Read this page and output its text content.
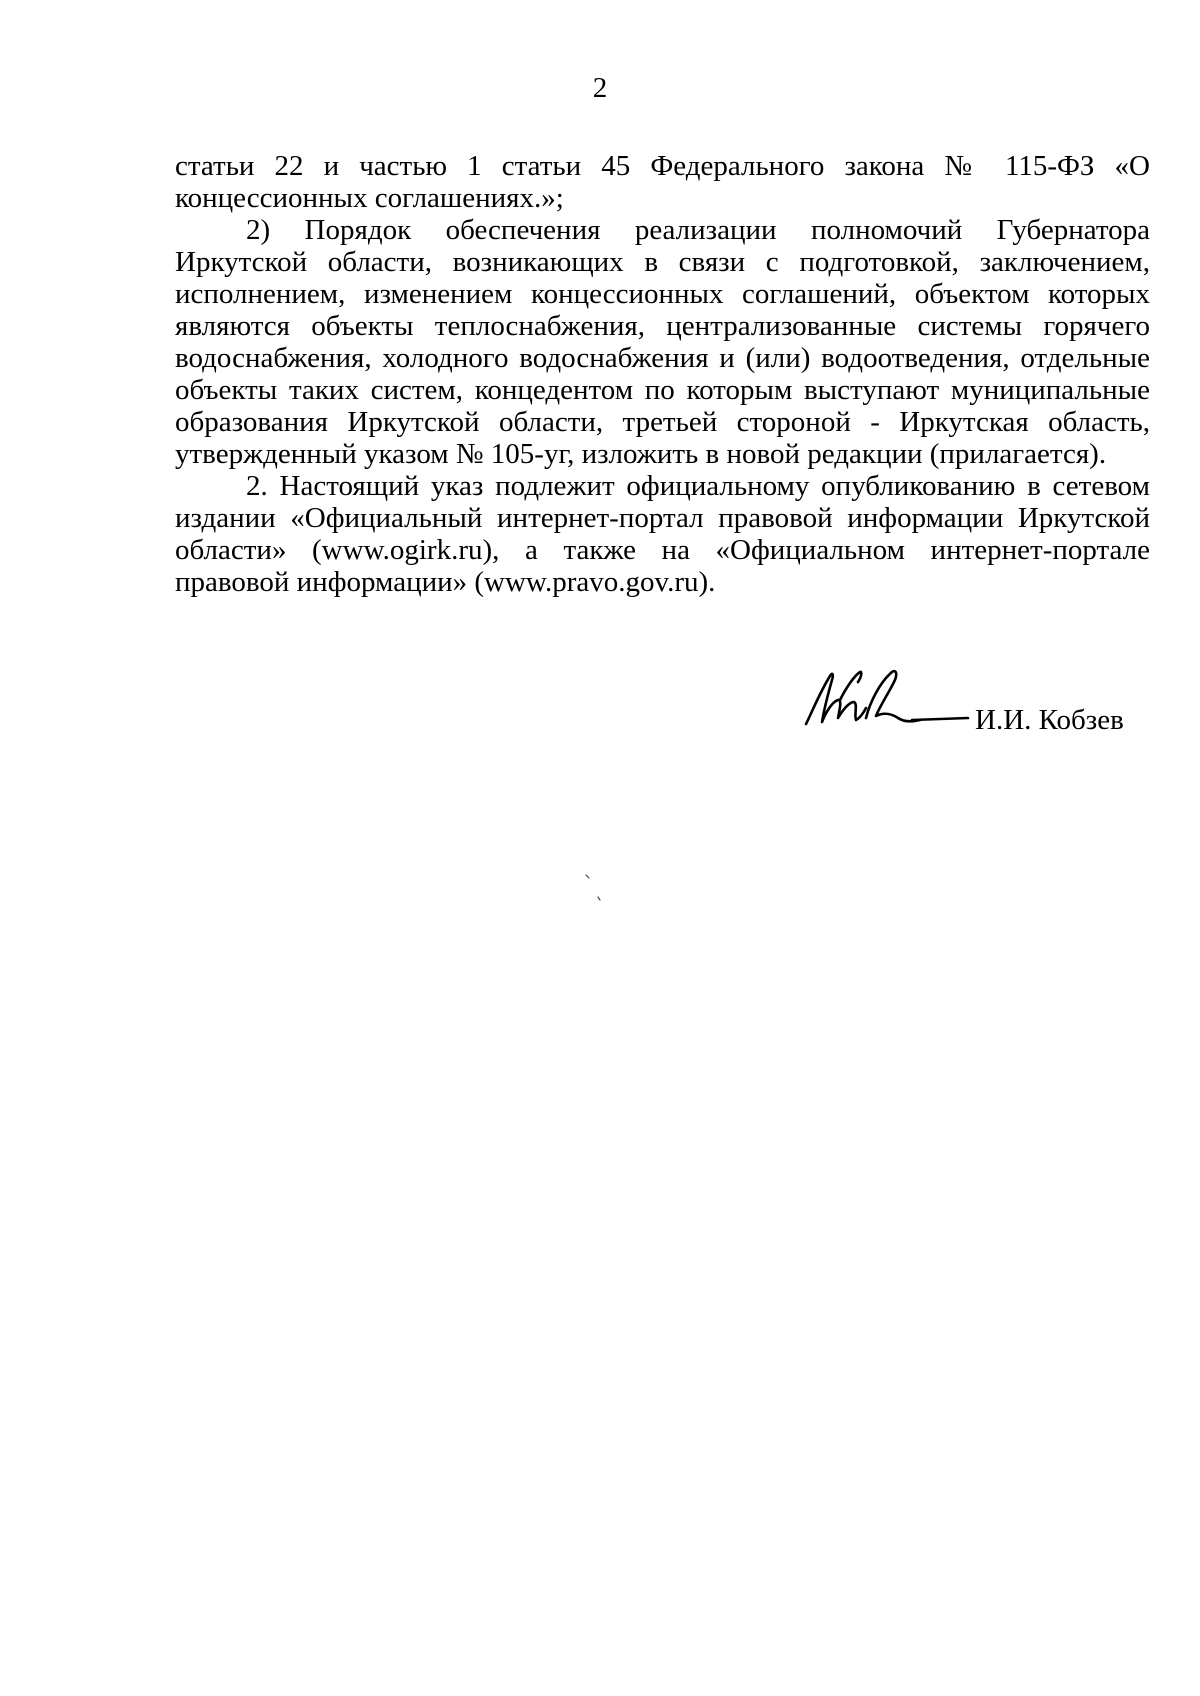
2

статьи 22 и частью 1 статьи 45 Федерального закона № 115-ФЗ «О концессионных соглашениях.»;

2) Порядок обеспечения реализации полномочий Губернатора Иркутской области, возникающих в связи с подготовкой, заключением, исполнением, изменением концессионных соглашений, объектом которых являются объекты теплоснабжения, централизованные системы горячего водоснабжения, холодного водоснабжения и (или) водоотведения, отдельные объекты таких систем, концедентом по которым выступают муниципальные образования Иркутской области, третьей стороной - Иркутская область, утвержденный указом № 105-уг, изложить в новой редакции (прилагается).

2. Настоящий указ подлежит официальному опубликованию в сетевом издании «Официальный интернет-портал правовой информации Иркутской области» (www.ogirk.ru), а также на «Официальном интернет-портале правовой информации» (www.pravo.gov.ru).

И.И. Кобзев
